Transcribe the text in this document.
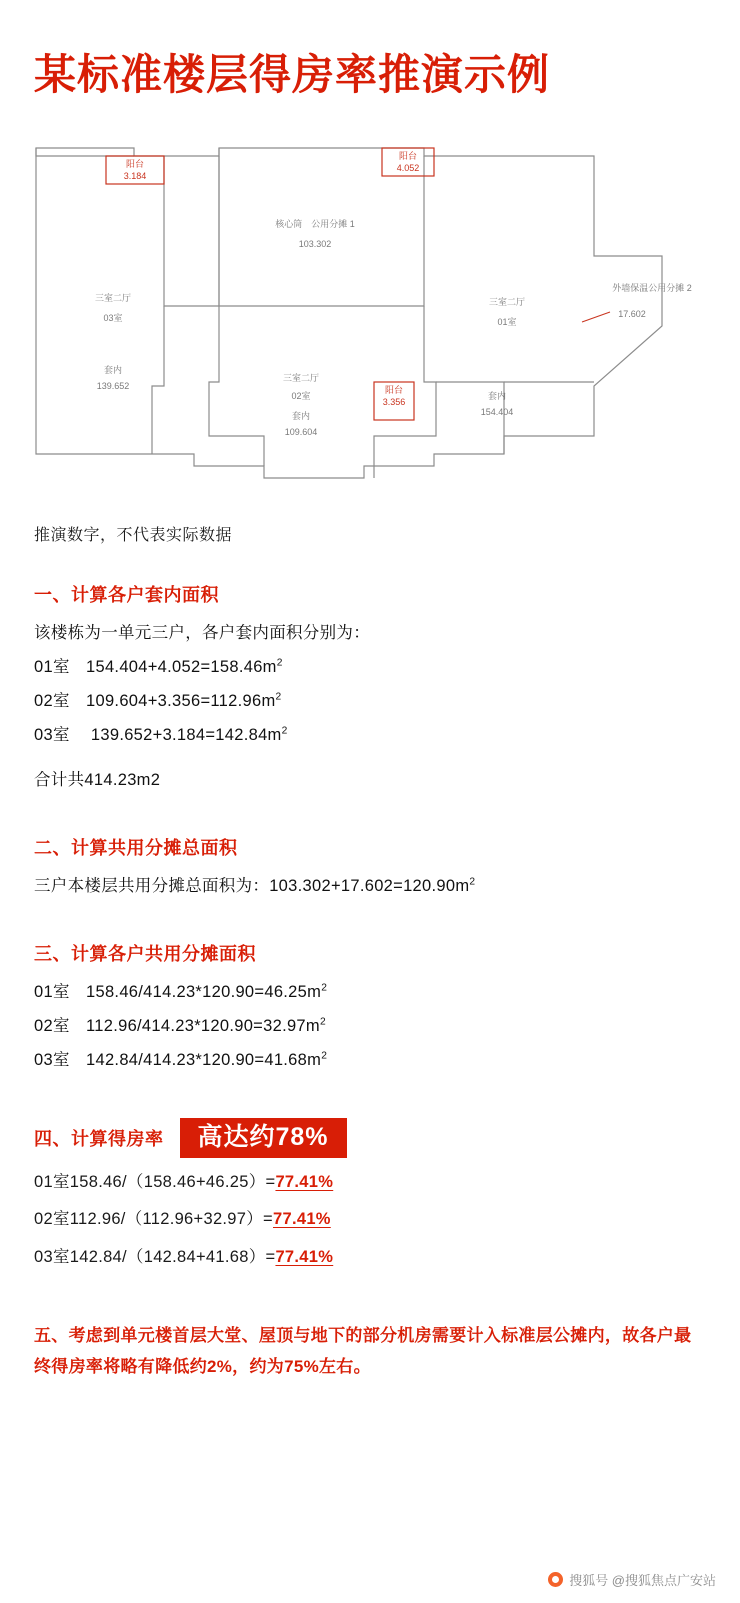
某标准楼层得房率推演示例
阳台
3.184
阳台
4.052
核心筒　公用分摊 1
103.302
外墙保温公用分摊 2
17.602
三室二厅
03室
套内
139.652
三室二厅
01室
套内
154.404
三室二厅
02室
套内
109.604
阳台
3.356
推演数字，不代表实际数据
一、计算各户套内面积
该楼栋为一单元三户，各户套内面积分别为：
01室 $154.404+4.052=158.46m^2$
02室 $109.604+3.356=112.96m^2$
03室 $139.652+3.184=142.84m^2$
合计共414.23m2
二、计算共用分摊总面积
三户本楼层共用分摊总面积为：$103.302+17.602=120.90m^2$
三、计算各户共用分摊面积
01室 $158.46/414.23*120.90=46.25m^2$
02室 $112.96/414.23*120.90=32.97m^2$
03室 $142.84/414.23*120.90=41.68m^2$
四、计算得房率	高达约78%
01室158.46/（158.46+46.25）=77.41%
02室112.96/（112.96+32.97）=77.41%
03室142.84/（142.84+41.68）=77.41%
五、考虑到单元楼首层大堂、屋顶与地下的部分机房需要计入标准层公摊内，故各户最终得房率将略有降低约2%，约为75%左右。
搜狐号 @搜狐焦点广安站
